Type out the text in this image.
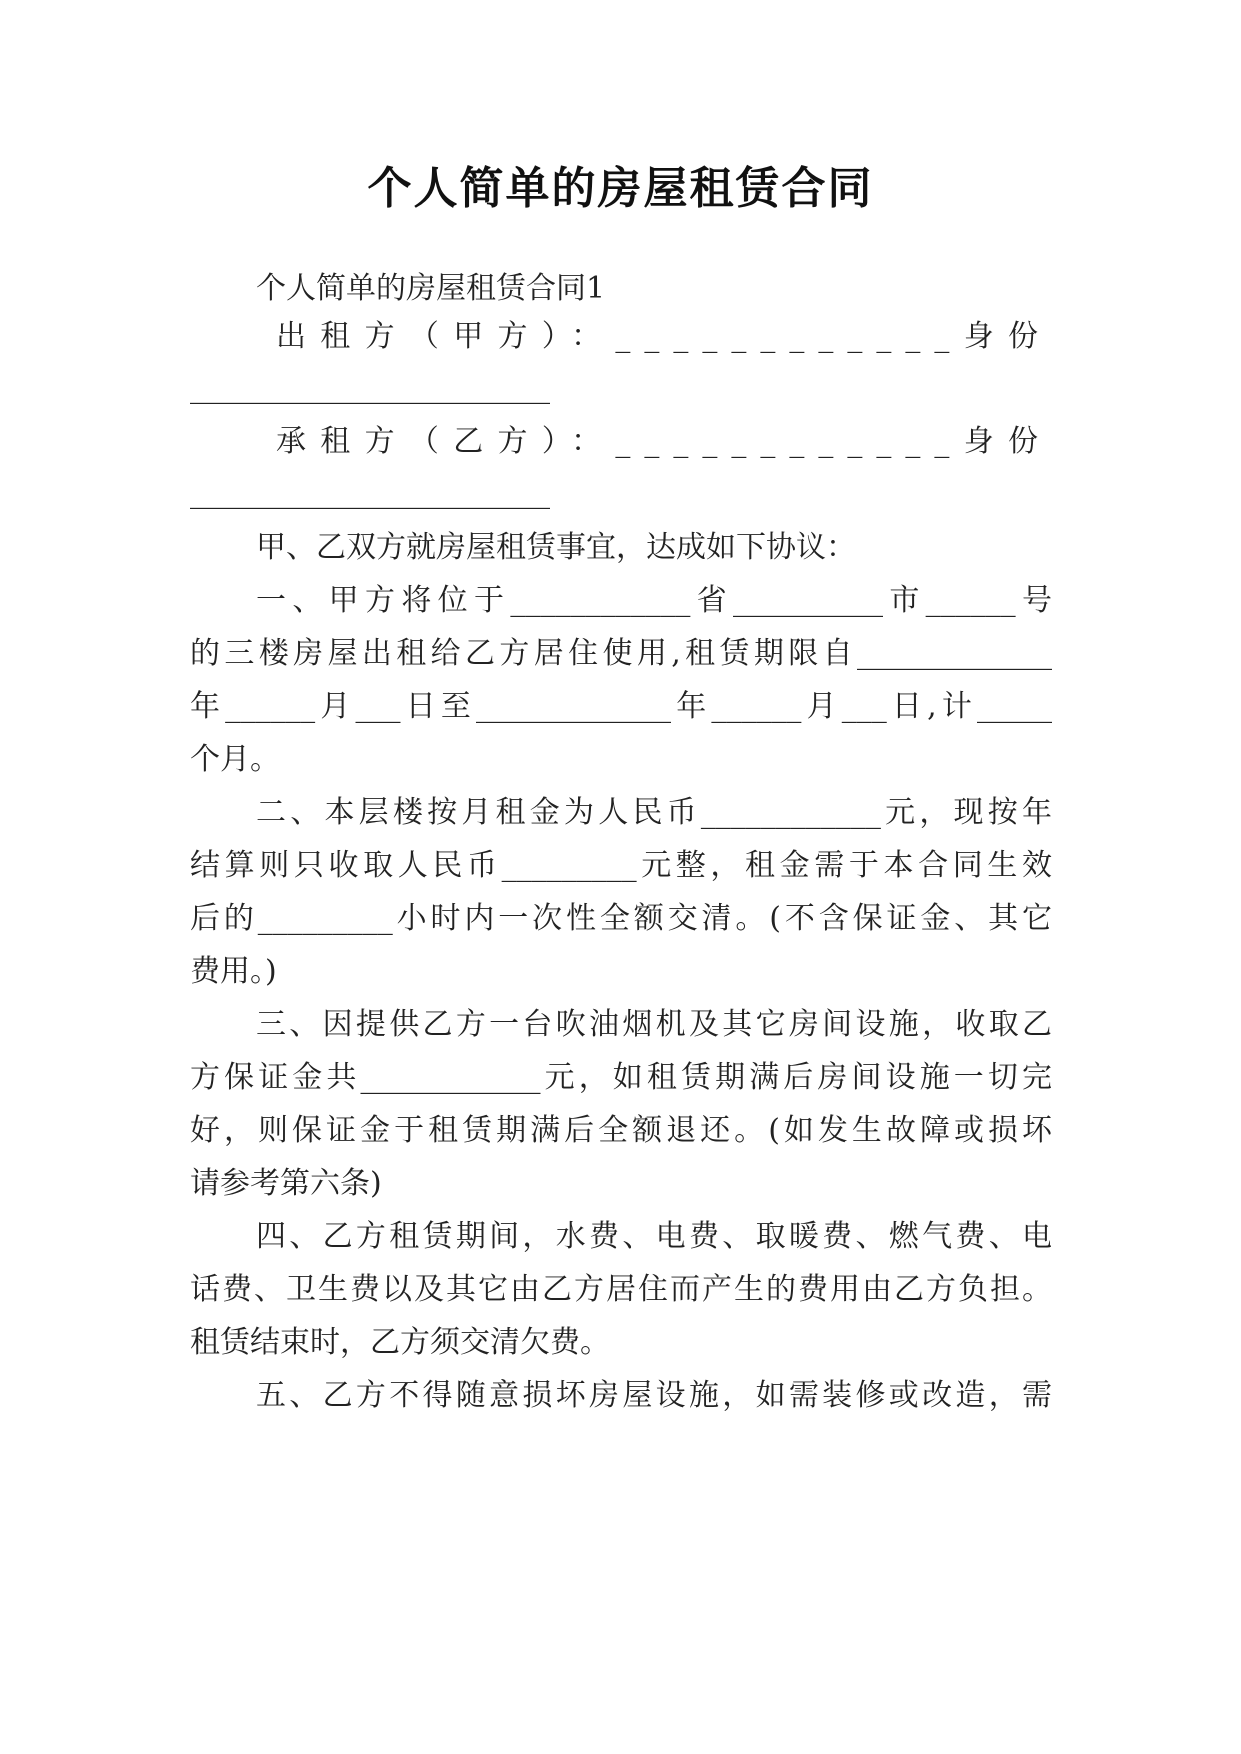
个人简单的房屋租赁合同
个人简单的房屋租赁合同1
出租方（甲方）：____________身份
________________________
承租方（乙方）：____________身份
________________________
甲、乙双方就房屋租赁事宜，达成如下协议：
一、甲方将位于____________省__________市______号
的三楼房屋出租给乙方居住使用,租赁期限自_____________
年______月___日至_____________年______月___日,计_____
个月。
二、本层楼按月租金为人民币____________元，现按年
结算则只收取人民币_________元整，租金需于本合同生效
后的_________小时内一次性全额交清。(不含保证金、其它
费用。)
三、因提供乙方一台吹油烟机及其它房间设施，收取乙
方保证金共____________元，如租赁期满后房间设施一切完
好，则保证金于租赁期满后全额退还。(如发生故障或损坏
请参考第六条)
四、乙方租赁期间，水费、电费、取暖费、燃气费、电
话费、卫生费以及其它由乙方居住而产生的费用由乙方负担。
租赁结束时，乙方须交清欠费。
五、乙方不得随意损坏房屋设施，如需装修或改造，需
